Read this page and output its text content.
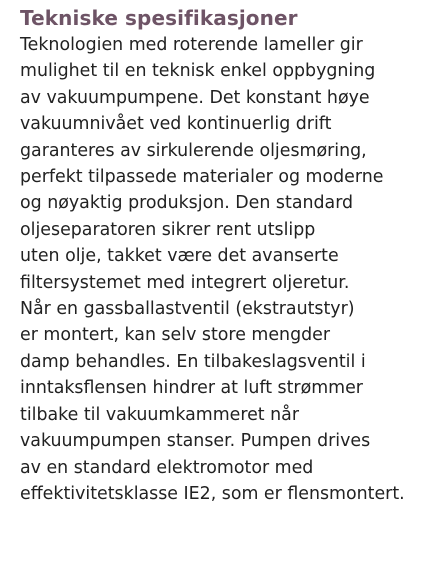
Tekniske spesifikasjoner

Teknologien med roterende lameller gir
mulighet til en teknisk enkel oppbygning
av vakuumpumpene. Det konstant høye
vakuumnivået ved kontinuerlig drift
garanteres av sirkulerende oljesmøring,
perfekt tilpassede materialer og moderne
og nøyaktig produksjon. Den standard
oljeseparatoren sikrer rent utslipp
uten olje, takket være det avanserte
filtersystemet med integrert oljeretur.
Når en gassballastventil (ekstrautstyr)
er montert, kan selv store mengder
damp behandles. En tilbakeslagsventil i
inntaksflensen hindrer at luft strømmer
tilbake til vakuumkammeret når
vakuumpumpen stanser. Pumpen drives
av en standard elektromotor med
effektivitetsklasse IE2, som er flensmontert.
